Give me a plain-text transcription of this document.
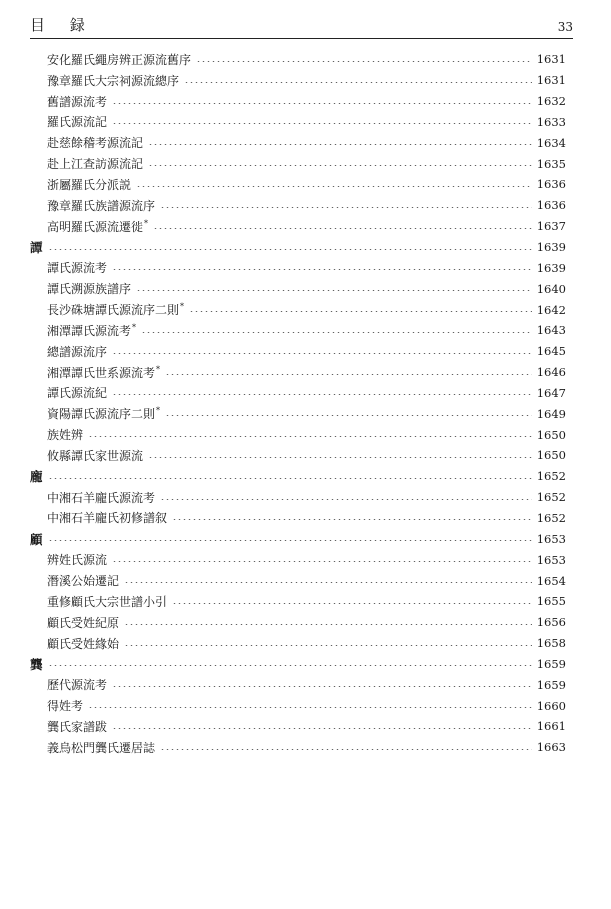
目 録	33
安化羅氏繩房辨正源流舊序	1631
豫章羅氏大宗祠源流總序	1631
舊譜源流考	1632
羅氏源流記	1633
赴慈餘稽考源流記	1634
赴上江查訪源流記	1635
浙屬羅氏分派説	1636
豫章羅氏族譜源流序	1636
高明羅氏源流遷徙*	1637
譚	1639
譚氏源流考	1639
譚氏溯源族譜序	1640
長沙硃塘譚氏源流序二則*	1642
湘潭譚氏源流考*	1643
總譜源流序	1645
湘潭譚氏世系源流考*	1646
譚氏源流紀	1647
資陽譚氏源流序二則*	1649
族姓辨	1650
攸縣譚氏家世源流	1650
龐	1652
中湘石羊龐氏源流考	1652
中湘石羊龐氏初修譜叙	1652
顧	1653
辨姓氏源流	1653
潛溪公始遷記	1654
重修顧氏大宗世譜小引	1655
顧氏受姓紀原	1656
顧氏受姓緣始	1658
龔	1659
歷代源流考	1659
得姓考	1660
龔氏家譜跋	1661
義烏松門龔氏遷居誌	1663
